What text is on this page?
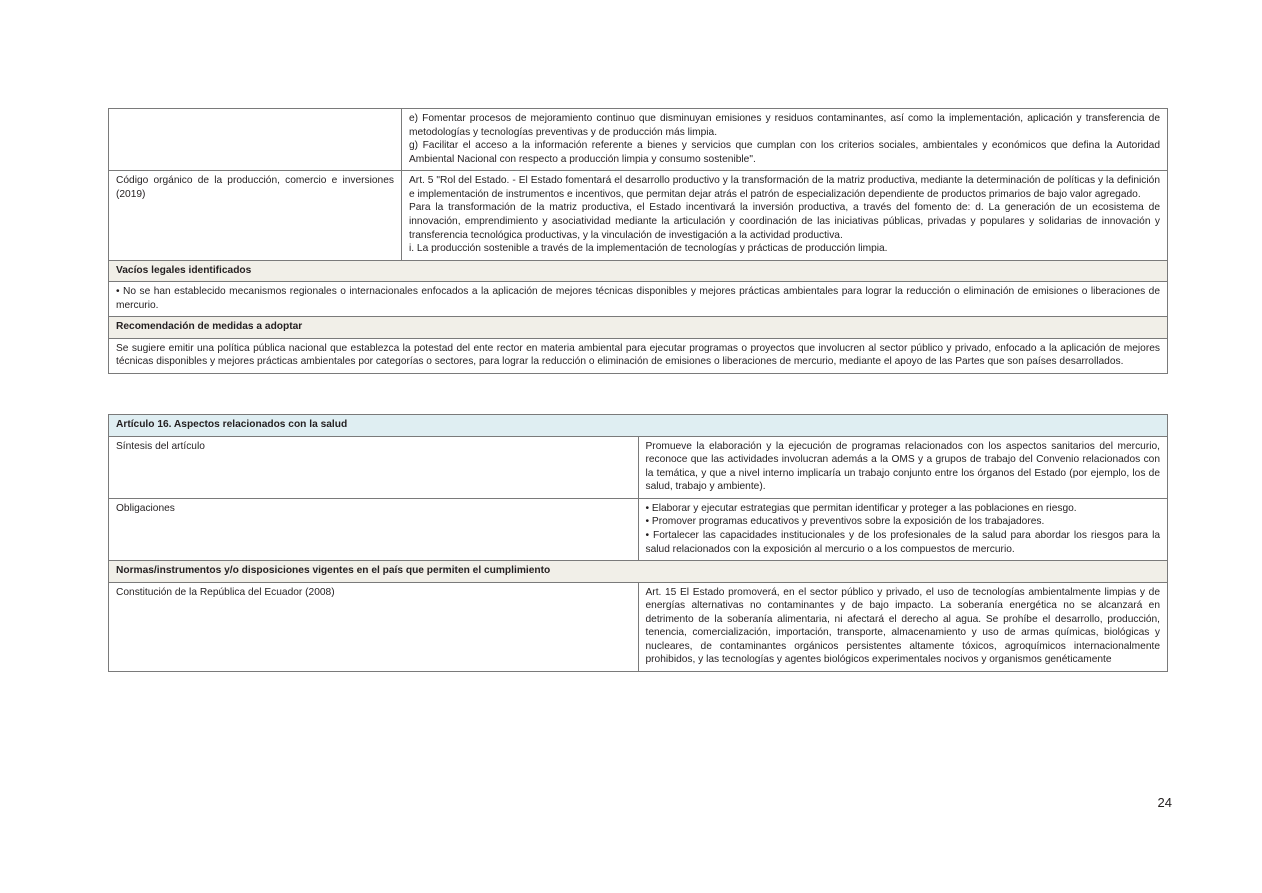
	e) Fomentar procesos de mejoramiento continuo que disminuyan emisiones y residuos contaminantes, así como la implementación, aplicación y transferencia de metodologías y tecnologías preventivas y de producción más limpia.

g) Facilitar el acceso a la información referente a bienes y servicios que cumplan con los criterios sociales, ambientales y económicos que defina la Autoridad Ambiental Nacional con respecto a producción limpia y consumo sostenible".

Código orgánico de la producción, comercio e inversiones (2019)	Art. 5 "Rol del Estado. - El Estado fomentará el desarrollo productivo y la transformación de la matriz productiva, mediante la determinación de políticas y la definición e implementación de instrumentos e incentivos, que permitan dejar atrás el patrón de especialización dependiente de productos primarios de bajo valor agregado.

Para la transformación de la matriz productiva, el Estado incentivará la inversión productiva, a través del fomento de: d. La generación de un ecosistema de innovación, emprendimiento y asociatividad mediante la articulación y coordinación de las iniciativas públicas, privadas y populares y solidarias de innovación y transferencia tecnológica productivas, y la vinculación de investigación a la actividad productiva.

i. La producción sostenible a través de la implementación de tecnologías y prácticas de producción limpia.

Vacíos legales identificados	
• No se han establecido mecanismos regionales o internacionales enfocados a la aplicación de mejores técnicas disponibles y mejores prácticas ambientales para lograr la reducción o eliminación de emisiones o liberaciones de mercurio.	
Recomendación de medidas a adoptar	
Se sugiere emitir una política pública nacional que establezca la potestad del ente rector en materia ambiental para ejecutar programas o proyectos que involucren al sector público y privado, enfocado a la aplicación de mejores técnicas disponibles y mejores prácticas ambientales por categorías o sectores, para lograr la reducción o eliminación de emisiones o liberaciones de mercurio, mediante el apoyo de las Partes que son países desarrollados.	
Artículo 16. Aspectos relacionados con la salud	
Síntesis del artículo	Promueve la elaboración y la ejecución de programas relacionados con los aspectos sanitarios del mercurio, reconoce que las actividades involucran además a la OMS y a grupos de trabajo del Convenio relacionados con la temática, y que a nivel interno implicaría un trabajo conjunto entre los órganos del Estado (por ejemplo, los de salud, trabajo y ambiente).
Obligaciones	• Elaborar y ejecutar estrategias que permitan identificar y proteger a las poblaciones en riesgo.

• Promover programas educativos y preventivos sobre la exposición de los trabajadores.

• Fortalecer las capacidades institucionales y de los profesionales de la salud para abordar los riesgos para la salud relacionados con la exposición al mercurio o a los compuestos de mercurio.

Normas/instrumentos y/o disposiciones vigentes en el país que permiten el cumplimiento	
Constitución de la República del Ecuador (2008)	Art. 15 El Estado promoverá, en el sector público y privado, el uso de tecnologías ambientalmente limpias y de energías alternativas no contaminantes y de bajo impacto. La soberanía energética no se alcanzará en detrimento de la soberanía alimentaria, ni afectará el derecho al agua. Se prohíbe el desarrollo, producción, tenencia, comercialización, importación, transporte, almacenamiento y uso de armas químicas, biológicas y nucleares, de contaminantes orgánicos persistentes altamente tóxicos, agroquímicos internacionalmente prohibidos, y las tecnologías y agentes biológicos experimentales nocivos y organismos genéticamente
24
